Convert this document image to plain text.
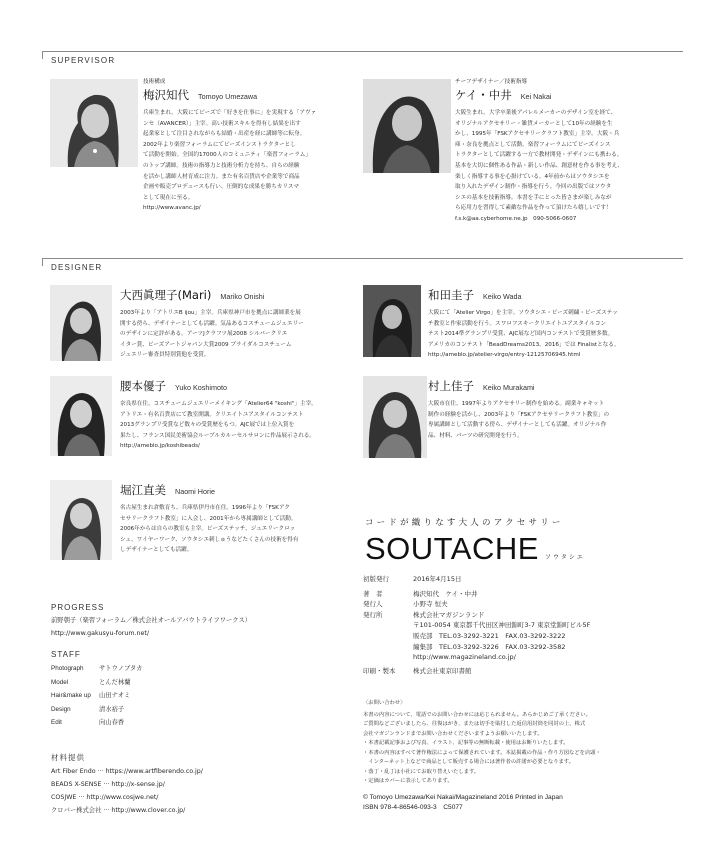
SUPERVISOR
技術構成
梅沢知代 Tomoyo Umezawa
兵庫生まれ。大阪にてビーズで「好きを仕事に」を実現する「アヴァ
ンセ（AVANCER）」主宰。高い技術スキルを得有し結果を出す
起業家として注目されながらも結婚・出産を経に講師等に転身。
2002年より楽習フォーラムにてビーズインストラクターとし
て活動を開始。全国約17000人のコミュニティ「楽習フォーラム」
のトップ講師。技術の指導力と技術分析力を持ち、自らの経験
を活かし講師人材育成に注力。また有名百貨店や企業等で商品
企画や販売プロデュースも行い、圧倒的な成果を勝ちカリスマ
として現在に至る。
http://www.avanc.jp/
チーフデザイナー／技術指導
ケイ・中井 Kei Nakai
大阪生まれ。大学卒業後アパレルメーカーのデザイン室を経て、
オリジナルアクセサリー・雑貨メーカーとして10年の経験を生
かし、1995年「FSKアクセサリークラフト教室」主宰。大阪・兵
庫・奈良を拠点として活動。楽習フォーラムにてビーズインス
トラクターとして活躍する一方で教材開発・デザインにも携わる。
基本を大切に個性ある作品・新しい作品、創意材を作る事を考え、
楽しく指導する事を心掛けている。4年前からはソウタシエを
取り入れたデザイン制作・指導を行う。今回の出版ではソウタ
シエの基本を技術指導。本書を手にとった皆さまが楽しみなが
ら応用力を習得して素敵な作品を作って頂けたら嬉しいです！
f.s.k@aa.cyberhome.ne.jp　090-5066-0607
DESIGNER
大西眞理子(Mari) Mariko Onishi
2003年より「アトリエB ijou」主宰。兵庫県神戸市を拠点に講師業を展
開する傍ら、デザイナーとしても活躍。気品あるコスチュームジュエリー
のデザインに定評がある。アーツJクラフツ展2008 シルバークリエ
イター賞、ビーズアートジャパン大賞2009 ブライダルコスチューム
ジュエリー審査員特別賞他を受賞。
和田圭子 Keiko Wada
大阪にて「Atelier Virgo」を主宰。ソウタシエ・ビーズ刺繍・ビーズステッ
チ教室と作家活動を行う。スワロフスキークリエイトユアスタイルコン
テスト2014準グランプリ受賞、AJC展など国内コンテストで受賞歴多数。
アメリカのコンテスト「BeadDreams2013、2016」では Finalistとなる。
http://ameblo.jp/atelier-virgo/entry-12125706945.html
腰本優子 Yuko Koshimoto
奈良県在住。コスチュームジュエリーメイキング「Atelier64 "koshi"」主宰。
アトリエ・有名百貨店にて教室開講。クリエイトユアスタイルコンテスト
2013グランプリ受賞など数々の受賞歴をもつ。AJC展では上位入賞を
果たし、フランス国民美術協会ルーブルカルーセルサロンに作品展示される。
http://ameblo.jp/koshibeads/
村上佳子 Keiko Murakami
大阪市在住。1997年よりアクセサリー制作を始める。副業キャキット
制作の経験を活かし、2003年より「FSKアクセサリークラフト教室」の
専属講師として活動する傍ら、デザイナーとしても活躍。オリジナル作
品、材料、パーツの研究開発を行う。
堀江直美 Naomi Horie
名古屋生まれ倉敷育ち、兵庫県伊丹市在住。1996年より「FSKアク
セサリークラフト教室」に入会し、2001年から専属講師として活動。
2006年からは自らの教室も主宰。ビーズステッチ、ジュエリークロッ
シェ、ワイヤーワーク、ソウタシエ刺しゅうなどたくさんの技術を得有
しデザイナーとしても活躍。
PROGRESS
前野朝子（楽習フォーラム／株式会社オールアバウトライフワークス）
http://www.gakusyu-forum.net/
STAFF
Photograph	サトウノブタカ
Model	とんだ林蘭
Hair&make up	山田ナオミ
Design	清水裕子
Edit	向山春香
材料提供
Art Fiber Endo ··· https://www.artfiberendo.co.jp/
BEADS X-SENSE ··· http://x-sense.jp/
COSJWE ··· http://www.cosjwe.net/
クロバー株式会社 ··· http://www.clover.co.jp/
コードが織りなす大人のアクセサリー
SOUTACHE ソウタシエ
初版発行	2016年4月15日
著　者	梅沢知代　ケイ・中井
発行人	小野寺 恒夫
発行所	株式会社マガジンランド
〒101-0054 東京都千代田区神田錦町3-7 東京堂錦町ビル5F
販売部　TEL.03-3292-3221　FAX.03-3292-3222
編集部　TEL.03-3292-3226　FAX.03-3292-3582
http://www.magazineland.co.jp/
印刷・製本	株式会社東京印書館
〈お問い合わせ〉
本書の内容について、電話でのお問い合わせには応じられません。あらかじめご了承ください。
ご質問などございましたら、往復はがき、または切手を貼付した返信用封筒を同封の上、株式
会社マガジンランドまでお問い合わせくださいますようお願いいたします。
・本書記載記事および写真、イラスト、記事等の無断転載・使用はお断りいたします。
・本書の内容はすべて著作権法によって保護されています。本誌掲載の作品・作り方図などを店頭・
　インターネット上などで商品として販売する場合には著作者の許諾が必要となります。
・落丁・乱丁は小社にてお取り替えいたします。
・定価はカバーに表示してあります。
© Tomoyo Umezawa/Kei Nakai/Magazineland 2016 Printed in Japan
ISBN 978-4-86546-093-3　C5077
